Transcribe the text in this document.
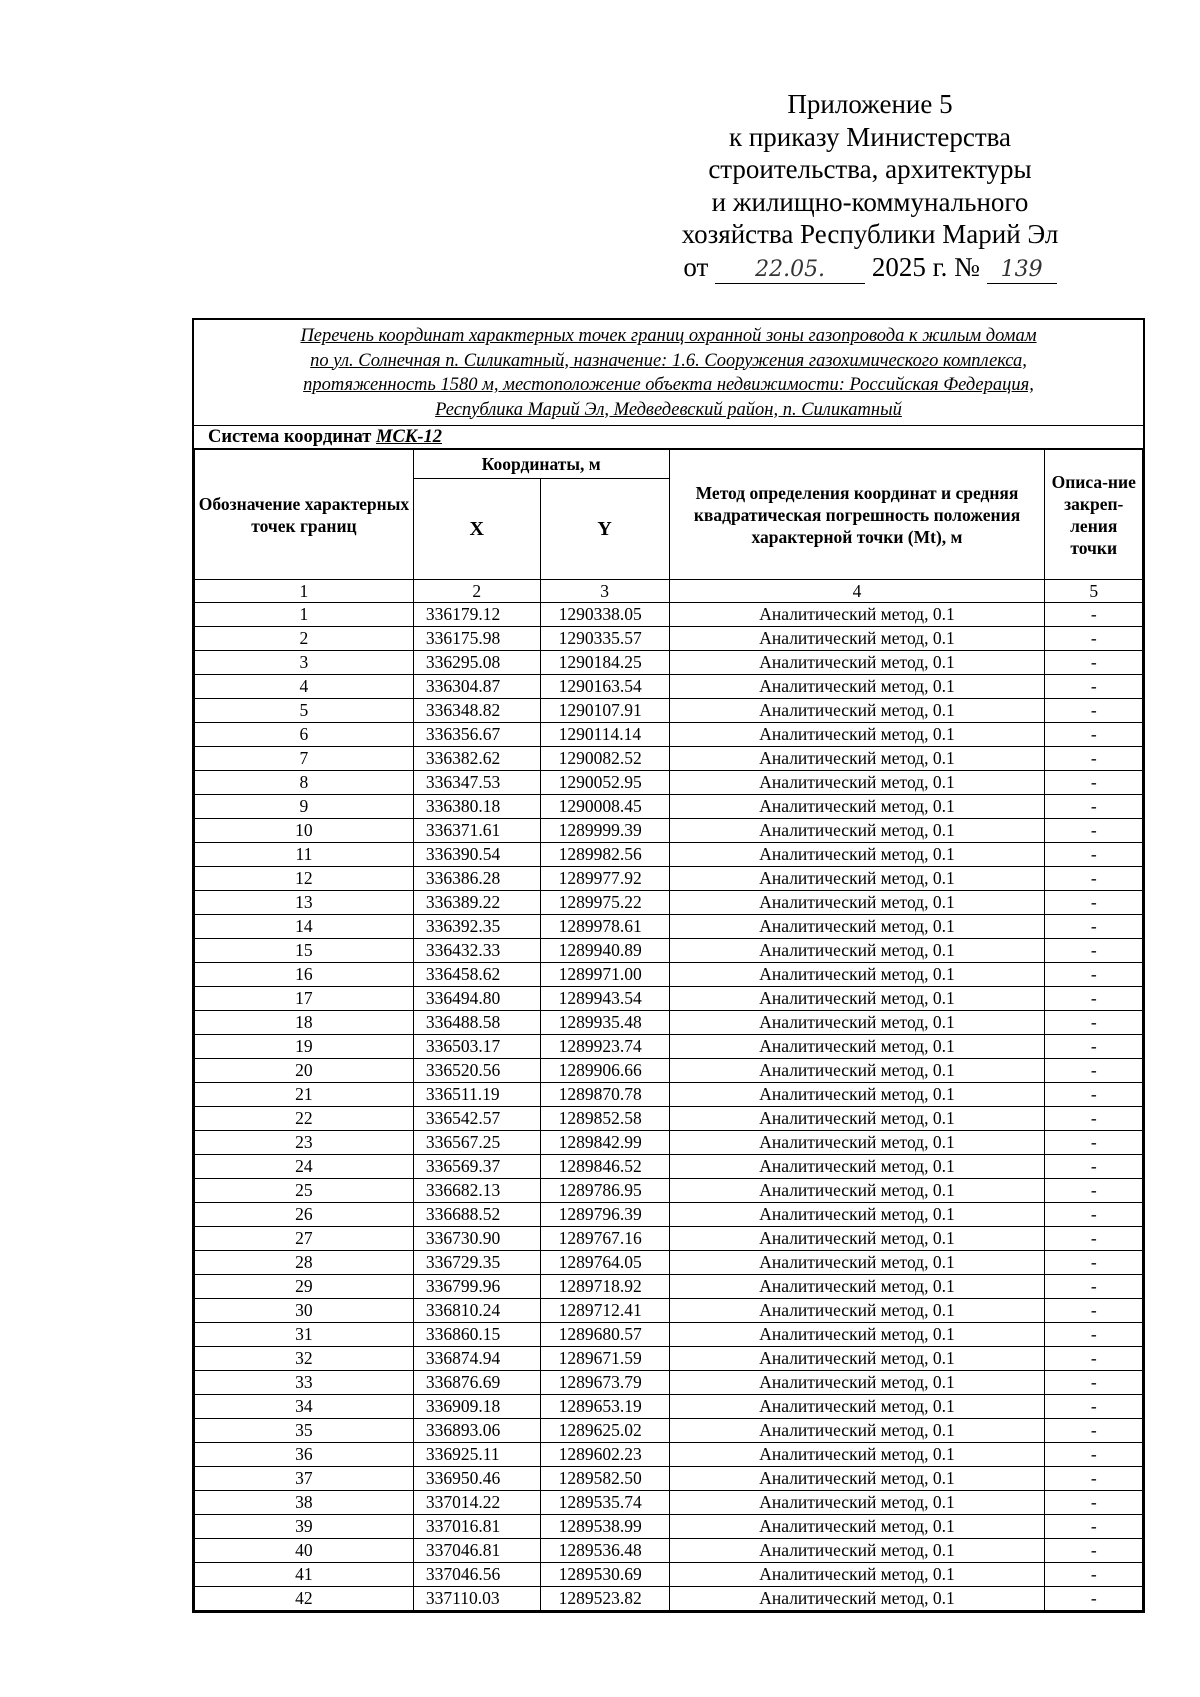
Приложение 5
к приказу Министерства
строительства, архитектуры
и жилищно-коммунального
хозяйства Республики Марий Эл
от 22.05. 2025 г. № 139
Перечень координат характерных точек границ охранной зоны газопровода к жилым домам
по ул. Солнечная п. Силикатный, назначение: 1.6. Сооружения газохимического комплекса,
протяженность 1580 м, местоположение объекта недвижимости: Российская Федерация,
Республика Марий Эл, Медведевский район, п. Силикатный
Система координат МСК-12
Обозначение характерных точек границ	Координаты, м		Метод определения координат и средняя квадратическая погрешность положения характерной точки (Mt), м	Описа-ние закреп-ления точки
	X	Y		
1	2	3	4	5
1	336179.12	1290338.05	Аналитический метод, 0.1	-
2	336175.98	1290335.57	Аналитический метод, 0.1	-
3	336295.08	1290184.25	Аналитический метод, 0.1	-
4	336304.87	1290163.54	Аналитический метод, 0.1	-
5	336348.82	1290107.91	Аналитический метод, 0.1	-
6	336356.67	1290114.14	Аналитический метод, 0.1	-
7	336382.62	1290082.52	Аналитический метод, 0.1	-
8	336347.53	1290052.95	Аналитический метод, 0.1	-
9	336380.18	1290008.45	Аналитический метод, 0.1	-
10	336371.61	1289999.39	Аналитический метод, 0.1	-
11	336390.54	1289982.56	Аналитический метод, 0.1	-
12	336386.28	1289977.92	Аналитический метод, 0.1	-
13	336389.22	1289975.22	Аналитический метод, 0.1	-
14	336392.35	1289978.61	Аналитический метод, 0.1	-
15	336432.33	1289940.89	Аналитический метод, 0.1	-
16	336458.62	1289971.00	Аналитический метод, 0.1	-
17	336494.80	1289943.54	Аналитический метод, 0.1	-
18	336488.58	1289935.48	Аналитический метод, 0.1	-
19	336503.17	1289923.74	Аналитический метод, 0.1	-
20	336520.56	1289906.66	Аналитический метод, 0.1	-
21	336511.19	1289870.78	Аналитический метод, 0.1	-
22	336542.57	1289852.58	Аналитический метод, 0.1	-
23	336567.25	1289842.99	Аналитический метод, 0.1	-
24	336569.37	1289846.52	Аналитический метод, 0.1	-
25	336682.13	1289786.95	Аналитический метод, 0.1	-
26	336688.52	1289796.39	Аналитический метод, 0.1	-
27	336730.90	1289767.16	Аналитический метод, 0.1	-
28	336729.35	1289764.05	Аналитический метод, 0.1	-
29	336799.96	1289718.92	Аналитический метод, 0.1	-
30	336810.24	1289712.41	Аналитический метод, 0.1	-
31	336860.15	1289680.57	Аналитический метод, 0.1	-
32	336874.94	1289671.59	Аналитический метод, 0.1	-
33	336876.69	1289673.79	Аналитический метод, 0.1	-
34	336909.18	1289653.19	Аналитический метод, 0.1	-
35	336893.06	1289625.02	Аналитический метод, 0.1	-
36	336925.11	1289602.23	Аналитический метод, 0.1	-
37	336950.46	1289582.50	Аналитический метод, 0.1	-
38	337014.22	1289535.74	Аналитический метод, 0.1	-
39	337016.81	1289538.99	Аналитический метод, 0.1	-
40	337046.81	1289536.48	Аналитический метод, 0.1	-
41	337046.56	1289530.69	Аналитический метод, 0.1	-
42	337110.03	1289523.82	Аналитический метод, 0.1	-
